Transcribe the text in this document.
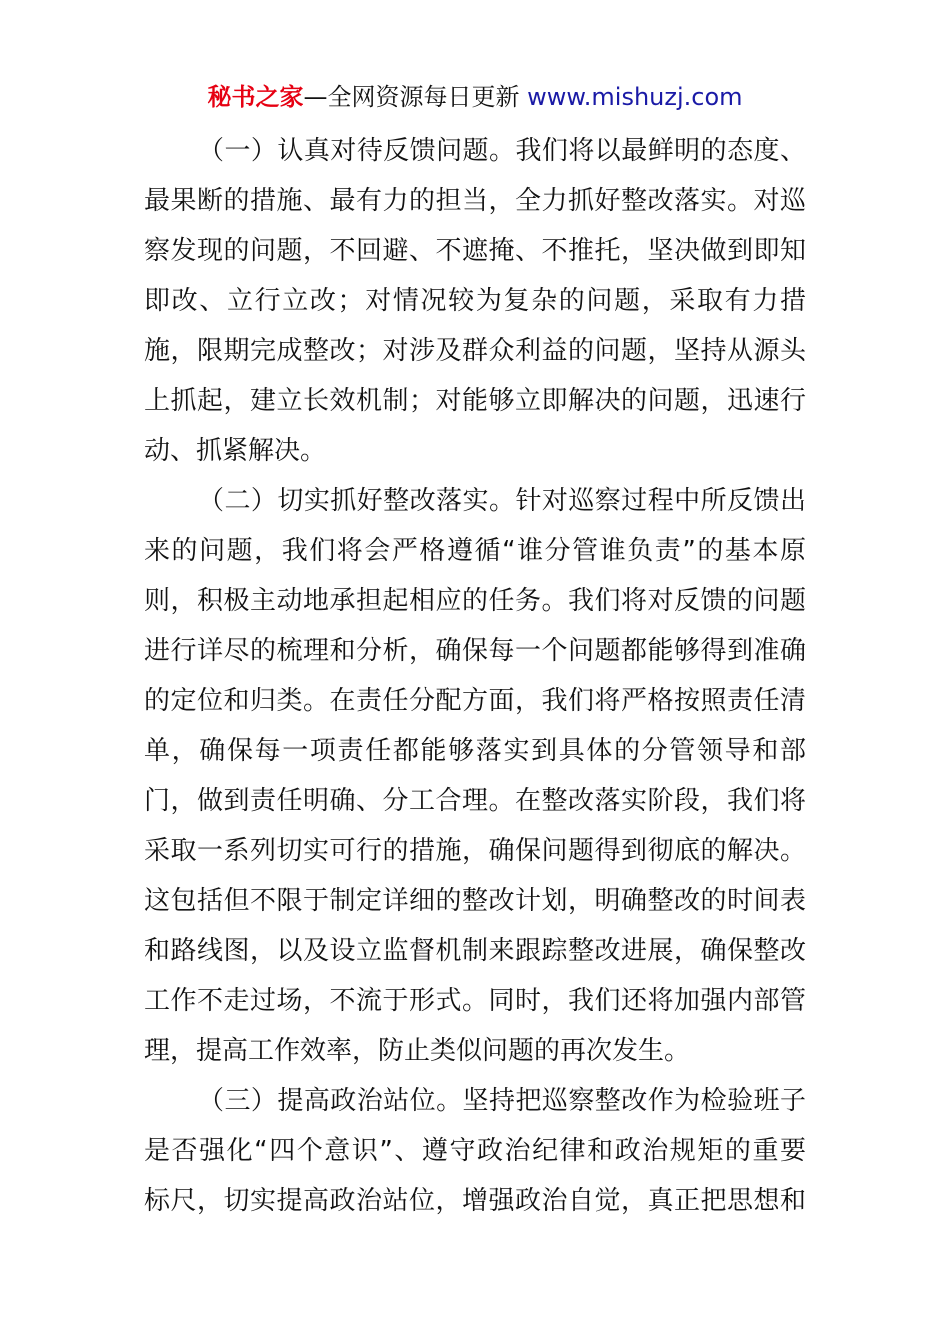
秘书之家—全网资源每日更新 www.mishuzj.com
（一）认真对待反馈问题。我们将以最鲜明的态度、
最果断的措施、最有力的担当，全力抓好整改落实。对巡
察发现的问题，不回避、不遮掩、不推托，坚决做到即知
即改、立行立改；对情况较为复杂的问题，采取有力措
施，限期完成整改；对涉及群众利益的问题，坚持从源头
上抓起，建立长效机制；对能够立即解决的问题，迅速行
动、抓紧解决。
（二）切实抓好整改落实。针对巡察过程中所反馈出
来的问题，我们将会严格遵循“谁分管谁负责”的基本原
则，积极主动地承担起相应的任务。我们将对反馈的问题
进行详尽的梳理和分析，确保每一个问题都能够得到准确
的定位和归类。在责任分配方面，我们将严格按照责任清
单，确保每一项责任都能够落实到具体的分管领导和部
门，做到责任明确、分工合理。在整改落实阶段，我们将
采取一系列切实可行的措施，确保问题得到彻底的解决。
这包括但不限于制定详细的整改计划，明确整改的时间表
和路线图，以及设立监督机制来跟踪整改进展，确保整改
工作不走过场，不流于形式。同时，我们还将加强内部管
理，提高工作效率，防止类似问题的再次发生。
（三）提高政治站位。坚持把巡察整改作为检验班子
是否强化“四个意识”、遵守政治纪律和政治规矩的重要
标尺，切实提高政治站位，增强政治自觉，真正把思想和
